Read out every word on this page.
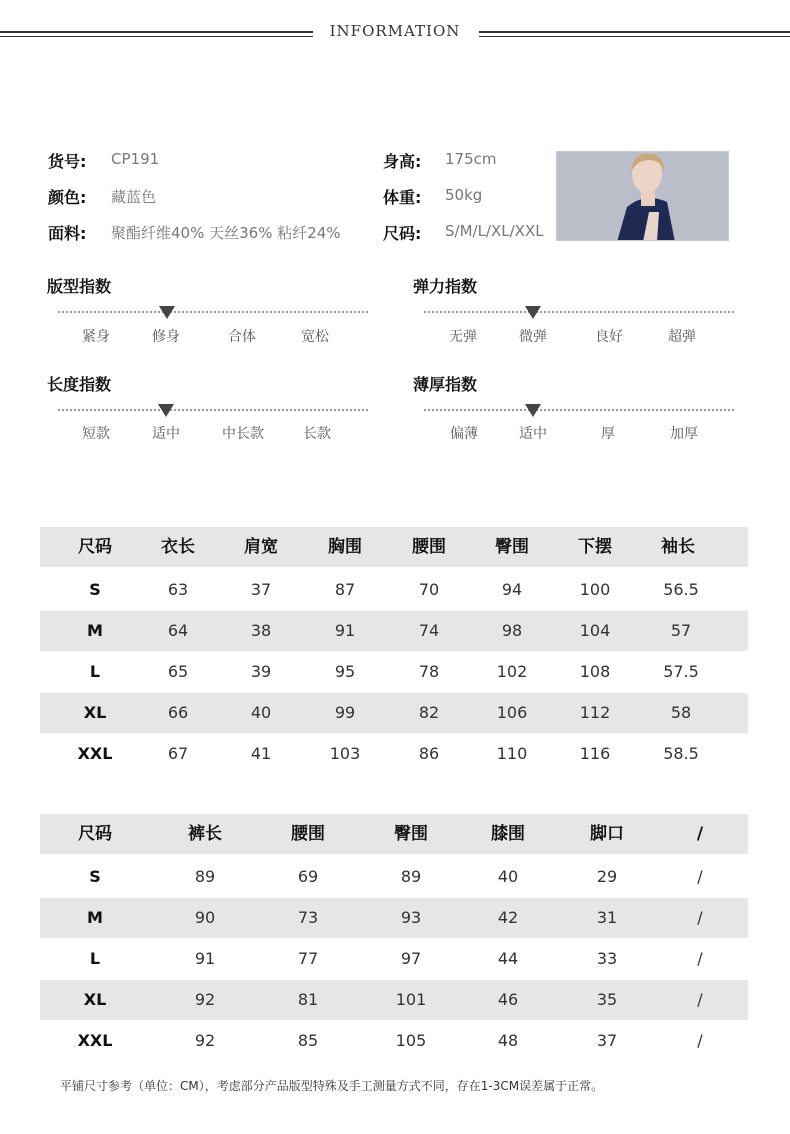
INFORMATION
货号: CP191
颜色: 藏蓝色
面料: 聚酯纤维40% 天丝36% 粘纤24%
身高: 175cm
体重: 50kg
尺码: S/M/L/XL/XXL
版型指数
紧身	修身	合体	宽松
弹力指数
无弹	微弹	良好	超弹
长度指数
短款	适中	中长款	长款
薄厚指数
偏薄	适中	厚	加厚
尺码	衣长	肩宽	胸围	腰围	臀围	下摆	袖长
S	63	37	87	70	94	100	56.5
M	64	38	91	74	98	104	57
L	65	39	95	78	102	108	57.5
XL	66	40	99	82	106	112	58
XXL	67	41	103	86	110	116	58.5
尺码	裤长	腰围	臀围	膝围	脚口	/
S	89	69	89	40	29	/
M	90	73	93	42	31	/
L	91	77	97	44	33	/
XL	92	81	101	46	35	/
XXL	92	85	105	48	37	/
平铺尺寸参考（单位：CM），考虑部分产品版型特殊及手工测量方式不同，存在1-3CM误差属于正常。
